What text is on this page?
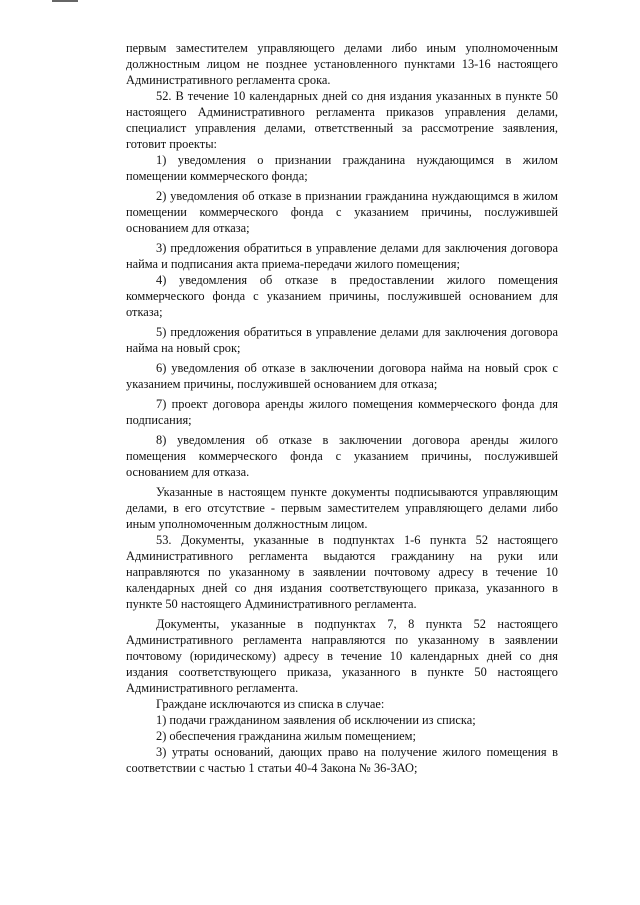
первым заместителем управляющего делами либо иным уполномоченным должностным лицом не позднее установленного пунктами 13-16 настоящего Административного регламента срока.

52. В течение 10 календарных дней со дня издания указанных в пункте 50 настоящего Административного регламента приказов управления делами, специалист управления делами, ответственный за рассмотрение заявления, готовит проекты:

1) уведомления о признании гражданина нуждающимся в жилом помещении коммерческого фонда;

2) уведомления об отказе в признании гражданина нуждающимся в жилом помещении коммерческого фонда с указанием причины, послужившей основанием для отказа;

3) предложения обратиться в управление делами для заключения договора найма и подписания акта приема-передачи жилого помещения;

4) уведомления об отказе в предоставлении жилого помещения коммерческого фонда с указанием причины, послужившей основанием для отказа;

5) предложения обратиться в управление делами для заключения договора найма на новый срок;

6) уведомления об отказе в заключении договора найма на новый срок с указанием причины, послужившей основанием для отказа;

7) проект договора аренды жилого помещения коммерческого фонда для подписания;

8) уведомления об отказе в заключении договора аренды жилого помещения коммерческого фонда с указанием причины, послужившей основанием для отказа.

Указанные в настоящем пункте документы подписываются управляющим делами, в его отсутствие - первым заместителем управляющего делами либо иным уполномоченным должностным лицом.

53. Документы, указанные в подпунктах 1-6 пункта 52 настоящего Административного регламента выдаются гражданину на руки или направляются по указанному в заявлении почтовому адресу в течение 10 календарных дней со дня издания соответствующего приказа, указанного в пункте 50 настоящего Административного регламента.

Документы, указанные в подпунктах 7, 8 пункта 52 настоящего Административного регламента направляются по указанному в заявлении почтовому (юридическому) адресу в течение 10 календарных дней со дня издания соответствующего приказа, указанного в пункте 50 настоящего Административного регламента.

Граждане исключаются из списка в случае:

1) подачи гражданином заявления об исключении из списка;

2) обеспечения гражданина жилым помещением;

3) утраты оснований, дающих право на получение жилого помещения в соответствии с частью 1 статьи 40-4 Закона № 36-ЗАО;
